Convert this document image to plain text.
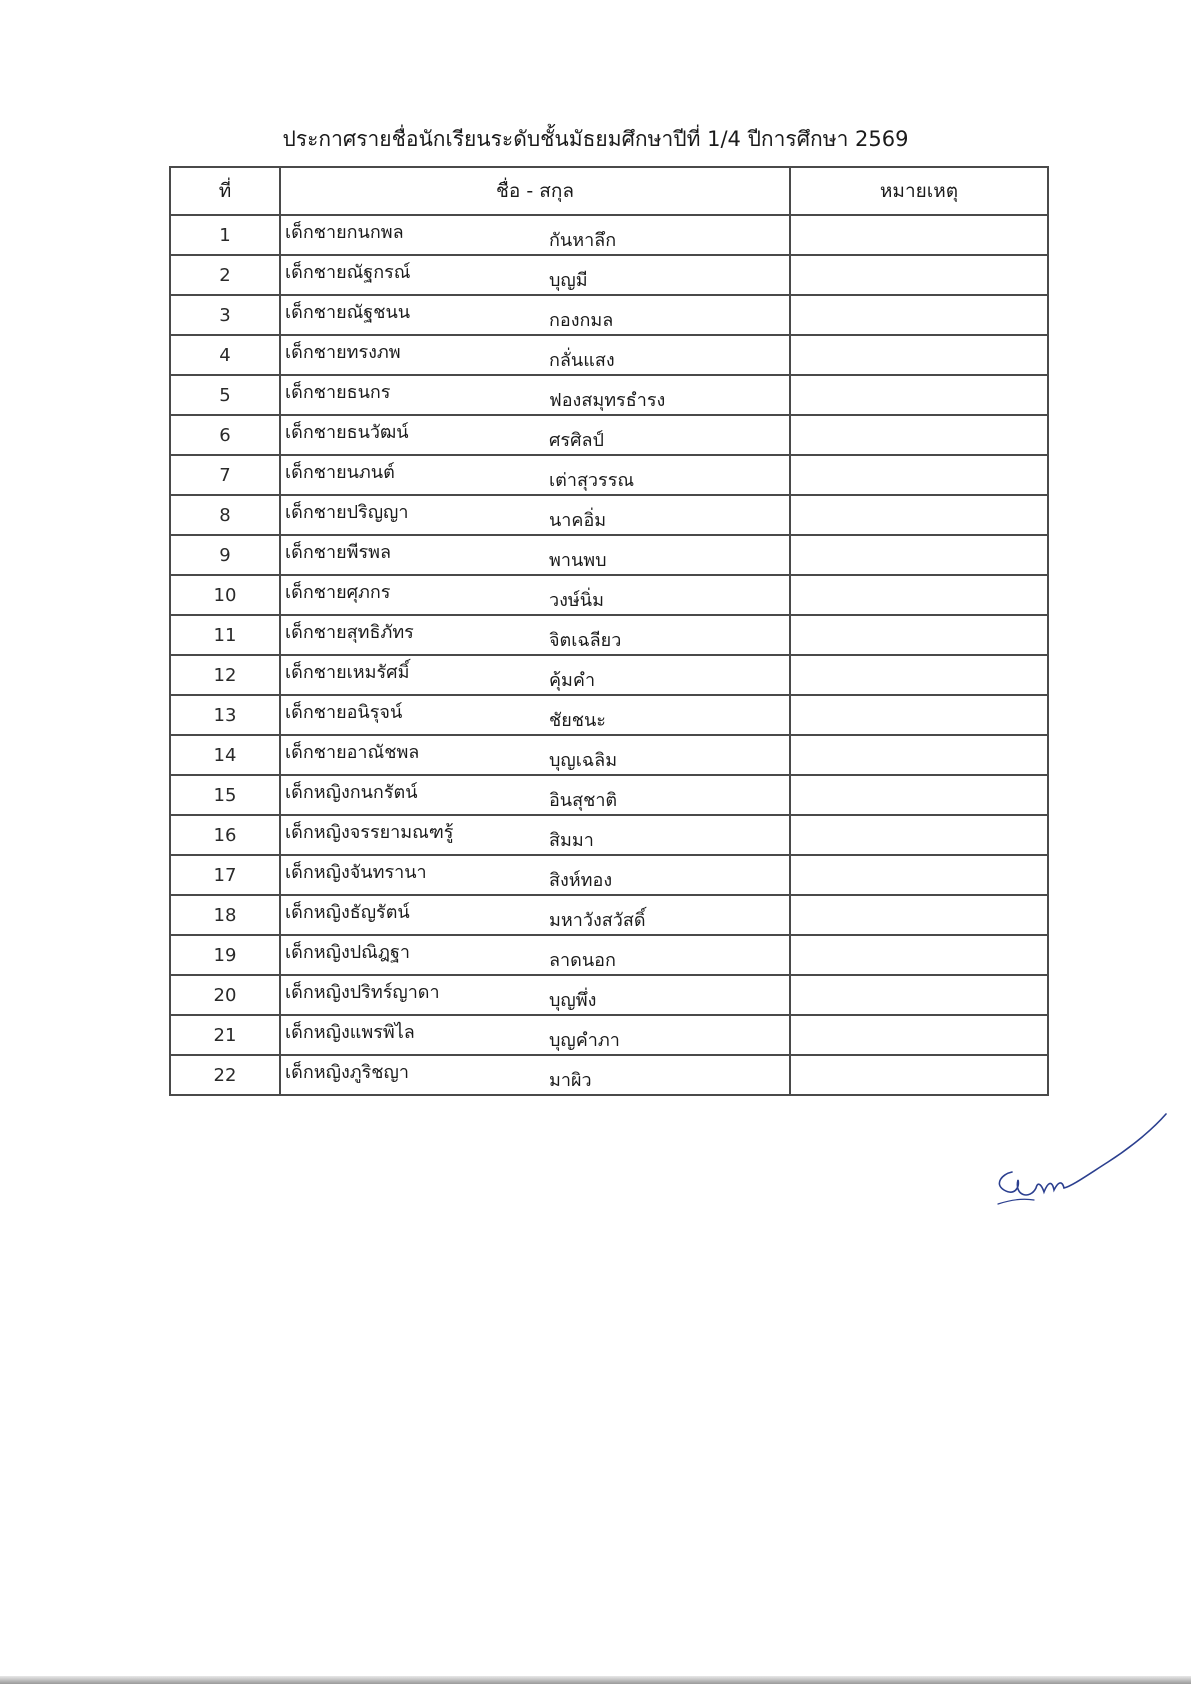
ประกาศรายชื่อนักเรียนระดับชั้นมัธยมศึกษาปีที่ 1/4 ปีการศึกษา 2569
ที่	ชื่อ - สกุล	หมายเหตุ
1	เด็กชายกนกพล กันหาลึก	
2	เด็กชายณัฐกรณ์ บุญมี	
3	เด็กชายณัฐชนน กองกมล	
4	เด็กชายทรงภพ กลั่นแสง	
5	เด็กชายธนกร ฟองสมุทรธำรง	
6	เด็กชายธนวัฒน์ ศรศิลป์	
7	เด็กชายนภนต์ เต่าสุวรรณ	
8	เด็กชายปริญญา นาคอิ่ม	
9	เด็กชายพีรพล พานพบ	
10	เด็กชายศุภกร วงษ์นิ่ม	
11	เด็กชายสุทธิภัทร จิตเฉลียว	
12	เด็กชายเหมรัศมิ์ คุ้มคำ	
13	เด็กชายอนิรุจน์ ชัยชนะ	
14	เด็กชายอาณัชพล บุญเฉลิม	
15	เด็กหญิงกนกรัตน์ อินสุชาติ	
16	เด็กหญิงจรรยามณฑรู้ สิมมา	
17	เด็กหญิงจันทรานา สิงห์ทอง	
18	เด็กหญิงธัญรัตน์ มหาวังสวัสดิ์	
19	เด็กหญิงปณิฎฐา ลาดนอก	
20	เด็กหญิงปริทร์ญาดา บุญพึ่ง	
21	เด็กหญิงแพรพิไล บุญคำภา	
22	เด็กหญิงภูริชญา มาผิว	
